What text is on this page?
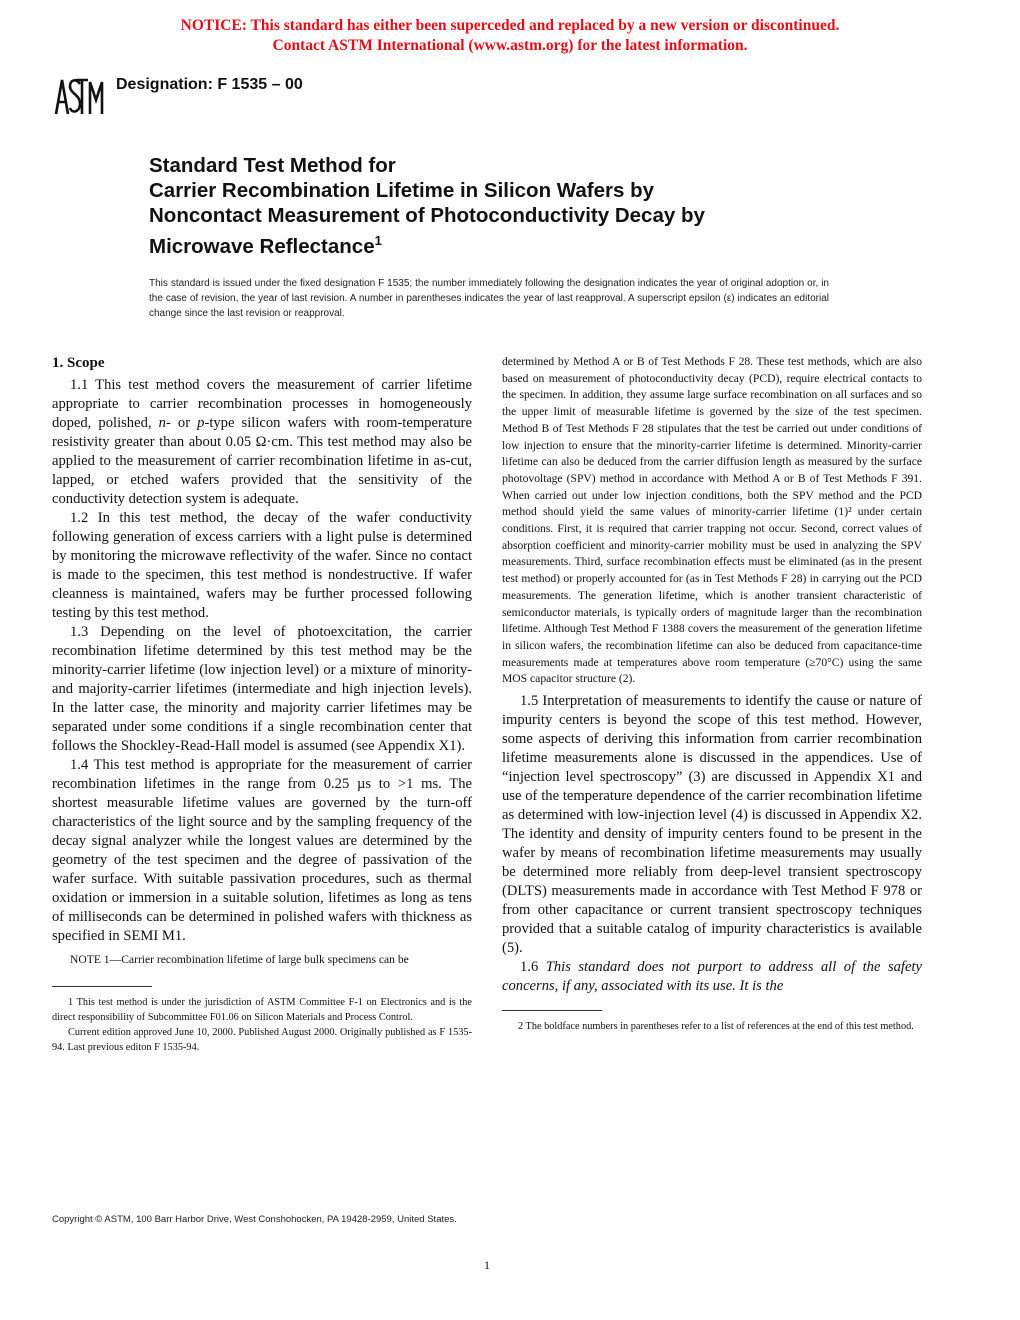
NOTICE: This standard has either been superceded and replaced by a new version or discontinued.
Contact ASTM International (www.astm.org) for the latest information.
Designation: F 1535 – 00
Standard Test Method for
Carrier Recombination Lifetime in Silicon Wafers by
Noncontact Measurement of Photoconductivity Decay by
Microwave Reflectance$^1$
This standard is issued under the fixed designation F 1535; the number immediately following the designation indicates the year of original adoption or, in the case of revision, the year of last revision. A number in parentheses indicates the year of last reapproval. A superscript epsilon (ε) indicates an editorial change since the last revision or reapproval.
1. Scope

1.1 This test method covers the measurement of carrier lifetime appropriate to carrier recombination processes in homogeneously doped, polished, n- or p-type silicon wafers with room-temperature resistivity greater than about 0.05 Ω·cm. This test method may also be applied to the measurement of carrier recombination lifetime in as-cut, lapped, or etched wafers provided that the sensitivity of the conductivity detection system is adequate.

1.2 In this test method, the decay of the wafer conductivity following generation of excess carriers with a light pulse is determined by monitoring the microwave reflectivity of the wafer. Since no contact is made to the specimen, this test method is nondestructive. If wafer cleanness is maintained, wafers may be further processed following testing by this test method.

1.3 Depending on the level of photoexcitation, the carrier recombination lifetime determined by this test method may be the minority-carrier lifetime (low injection level) or a mixture of minority- and majority-carrier lifetimes (intermediate and high injection levels). In the latter case, the minority and majority carrier lifetimes may be separated under some conditions if a single recombination center that follows the Shockley-Read-Hall model is assumed (see Appendix X1).

1.4 This test method is appropriate for the measurement of carrier recombination lifetimes in the range from 0.25 µs to >1 ms. The shortest measurable lifetime values are governed by the turn-off characteristics of the light source and by the sampling frequency of the decay signal analyzer while the longest values are determined by the geometry of the test specimen and the degree of passivation of the wafer surface. With suitable passivation procedures, such as thermal oxidation or immersion in a suitable solution, lifetimes as long as tens of milliseconds can be determined in polished wafers with thickness as specified in SEMI M1.

NOTE 1—Carrier recombination lifetime of large bulk specimens can be

1 This test method is under the jurisdiction of ASTM Committee F-1 on Electronics and is the direct responsibility of Subcommittee F01.06 on Silicon Materials and Process Control.

Current edition approved June 10, 2000. Published August 2000. Originally published as F 1535-94. Last previous editon F 1535-94.

determined by Method A or B of Test Methods F 28. These test methods, which are also based on measurement of photoconductivity decay (PCD), require electrical contacts to the specimen. In addition, they assume large surface recombination on all surfaces and so the upper limit of measurable lifetime is governed by the size of the test specimen. Method B of Test Methods F 28 stipulates that the test be carried out under conditions of low injection to ensure that the minority-carrier lifetime is determined. Minority-carrier lifetime can also be deduced from the carrier diffusion length as measured by the surface photovoltage (SPV) method in accordance with Method A or B of Test Methods F 391. When carried out under low injection conditions, both the SPV method and the PCD method should yield the same values of minority-carrier lifetime (1)² under certain conditions. First, it is required that carrier trapping not occur. Second, correct values of absorption coefficient and minority-carrier mobility must be used in analyzing the SPV measurements. Third, surface recombination effects must be eliminated (as in the present test method) or properly accounted for (as in Test Methods F 28) in carrying out the PCD measurements. The generation lifetime, which is another transient characteristic of semiconductor materials, is typically orders of magnitude larger than the recombination lifetime. Although Test Method F 1388 covers the measurement of the generation lifetime in silicon wafers, the recombination lifetime can also be deduced from capacitance-time measurements made at temperatures above room temperature (≥70°C) using the same MOS capacitor structure (2).

1.5 Interpretation of measurements to identify the cause or nature of impurity centers is beyond the scope of this test method. However, some aspects of deriving this information from carrier recombination lifetime measurements alone is discussed in the appendices. Use of “injection level spectroscopy” (3) are discussed in Appendix X1 and use of the temperature dependence of the carrier recombination lifetime as determined with low-injection level (4) is discussed in Appendix X2. The identity and density of impurity centers found to be present in the wafer by means of recombination lifetime measurements may usually be determined more reliably from deep-level transient spectroscopy (DLTS) measurements made in accordance with Test Method F 978 or from other capacitance or current transient spectroscopy techniques provided that a suitable catalog of impurity characteristics is available (5).

1.6 This standard does not purport to address all of the safety concerns, if any, associated with its use. It is the

2 The boldface numbers in parentheses refer to a list of references at the end of this test method.

Copyright © ASTM, 100 Barr Harbor Drive, West Conshohocken, PA 19428-2959, United States.
1
